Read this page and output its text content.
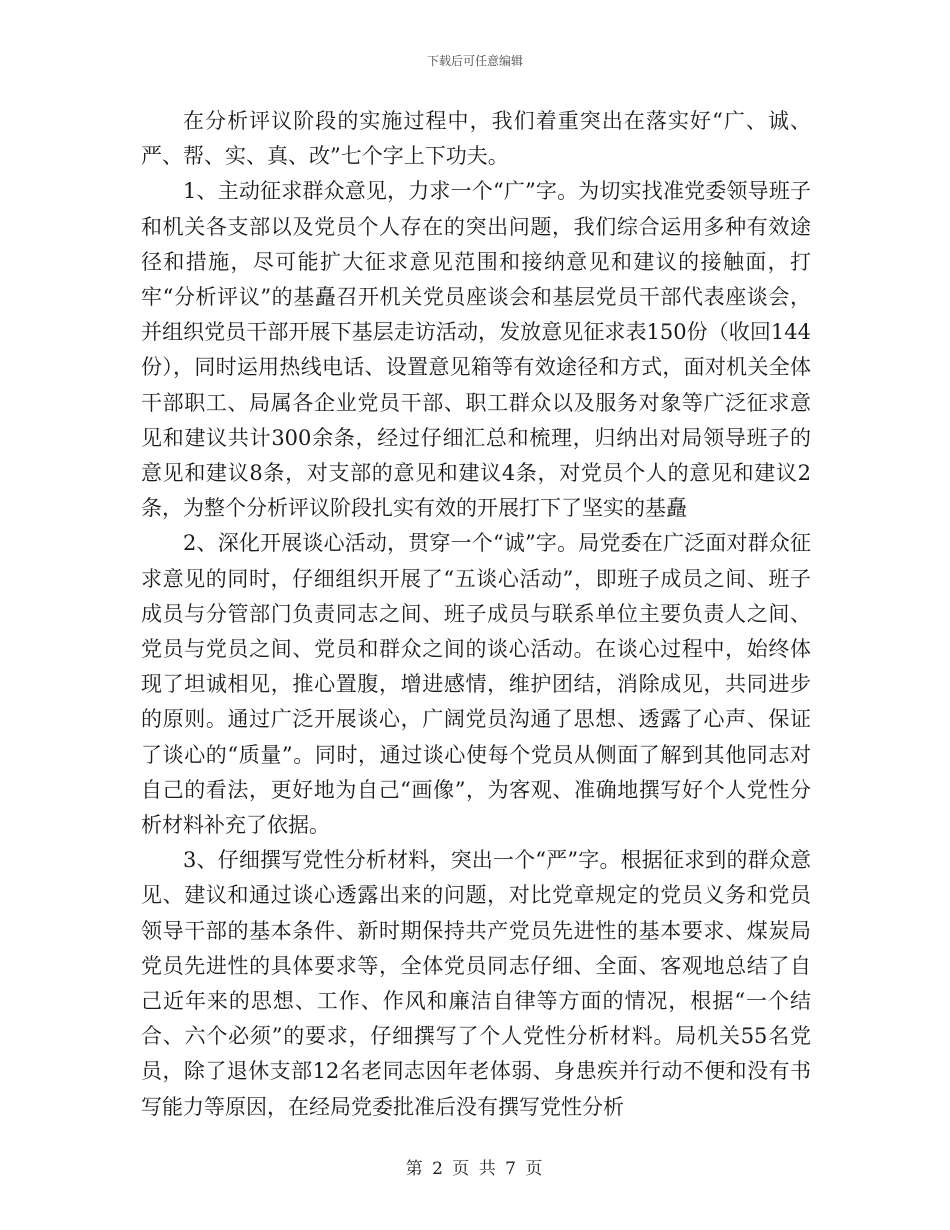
下载后可任意编辑

在分析评议阶段的实施过程中，我们着重突出在落实好“广、诚、严、帮、实、真、改”七个字上下功夫。

1、主动征求群众意见，力求一个“广”字。为切实找准党委领导班子和机关各支部以及党员个人存在的突出问题，我们综合运用多种有效途径和措施，尽可能扩大征求意见范围和接纳意见和建议的接触面，打牢“分析评议”的基矗召开机关党员座谈会和基层党员干部代表座谈会，并组织党员干部开展下基层走访活动，发放意见征求表150份（收回144份），同时运用热线电话、设置意见箱等有效途径和方式，面对机关全体干部职工、局属各企业党员干部、职工群众以及服务对象等广泛征求意见和建议共计300余条，经过仔细汇总和梳理，归纳出对局领导班子的意见和建议8条，对支部的意见和建议4条，对党员个人的意见和建议2条，为整个分析评议阶段扎实有效的开展打下了坚实的基矗

2、深化开展谈心活动，贯穿一个“诚”字。局党委在广泛面对群众征求意见的同时，仔细组织开展了“五谈心活动”，即班子成员之间、班子成员与分管部门负责同志之间、班子成员与联系单位主要负责人之间、党员与党员之间、党员和群众之间的谈心活动。在谈心过程中，始终体现了坦诚相见，推心置腹，增进感情，维护团结，消除成见，共同进步的原则。通过广泛开展谈心，广阔党员沟通了思想、透露了心声、保证了谈心的“质量”。同时，通过谈心使每个党员从侧面了解到其他同志对自己的看法，更好地为自己“画像”，为客观、准确地撰写好个人党性分析材料补充了依据。

3、仔细撰写党性分析材料，突出一个“严”字。根据征求到的群众意见、建议和通过谈心透露出来的问题，对比党章规定的党员义务和党员领导干部的基本条件、新时期保持共产党员先进性的基本要求、煤炭局党员先进性的具体要求等，全体党员同志仔细、全面、客观地总结了自己近年来的思想、工作、作风和廉洁自律等方面的情况，根据“一个结合、六个必须”的要求，仔细撰写了个人党性分析材料。局机关55名党员，除了退休支部12名老同志因年老体弱、身患疾并行动不便和没有书写能力等原因，在经局党委批准后没有撰写党性分析

第 2 页 共 7 页
